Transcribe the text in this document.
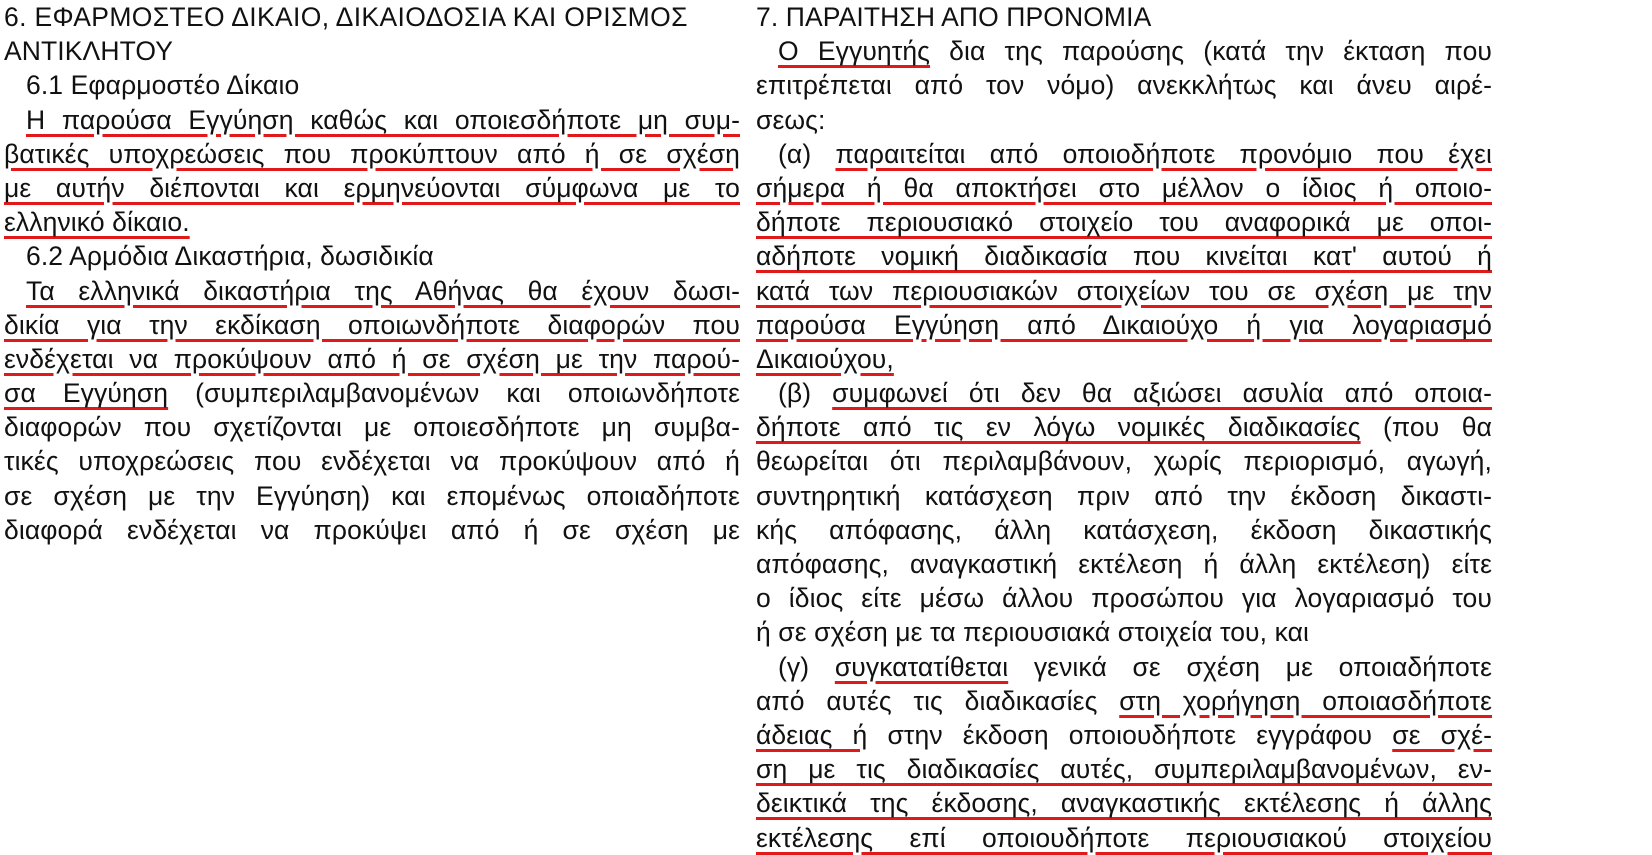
6. ΕΦΑΡΜΟΣΤΕΟ ΔΙΚΑΙΟ, ΔΙΚΑΙΟΔΟΣΙΑ ΚΑΙ ΟΡΙΣΜΟΣ
ΑΝΤΙΚΛΗΤΟΥ
6.1 Εφαρμοστέο Δίκαιο
Η παρούσα Εγγύηση καθώς και οποιεσδήποτε μη συμ-
βατικές υποχρεώσεις που προκύπτουν από ή σε σχέση
με αυτήν διέπονται και ερμηνεύονται σύμφωνα με το
ελληνικό δίκαιο.
6.2 Αρμόδια Δικαστήρια, δωσιδικία
Τα ελληνικά δικαστήρια της Αθήνας θα έχουν δωσι-
δικία για την εκδίκαση οποιωνδήποτε διαφορών που
ενδέχεται να προκύψουν από ή σε σχέση με την παρού-
σα Εγγύηση (συμπεριλαμβανομένων και οποιωνδήποτε
διαφορών που σχετίζονται με οποιεσδήποτε μη συμβα-
τικές υποχρεώσεις που ενδέχεται να προκύψουν από ή
σε σχέση με την Εγγύηση) και επομένως οποιαδήποτε
διαφορά ενδέχεται να προκύψει από ή σε σχέση με
7. ΠΑΡΑΙΤΗΣΗ ΑΠΟ ΠΡΟΝΟΜΙΑ
Ο Εγγυητής δια της παρούσης (κατά την έκταση που
επιτρέπεται από τον νόμο) ανεκκλήτως και άνευ αιρέ-
σεως:
(α) παραιτείται από οποιοδήποτε προνόμιο που έχει
σήμερα ή θα αποκτήσει στο μέλλον ο ίδιος ή οποιο-
δήποτε περιουσιακό στοιχείο του αναφορικά με οποι-
αδήποτε νομική διαδικασία που κινείται κατ' αυτού ή
κατά των περιουσιακών στοιχείων του σε σχέση με την
παρούσα Εγγύηση από Δικαιούχο ή για λογαριασμό
Δικαιούχου,
(β) συμφωνεί ότι δεν θα αξιώσει ασυλία από οποια-
δήποτε από τις εν λόγω νομικές διαδικασίες (που θα
θεωρείται ότι περιλαμβάνουν, χωρίς περιορισμό, αγωγή,
συντηρητική κατάσχεση πριν από την έκδοση δικαστι-
κής απόφασης, άλλη κατάσχεση, έκδοση δικαστικής
απόφασης, αναγκαστική εκτέλεση ή άλλη εκτέλεση) είτε
ο ίδιος είτε μέσω άλλου προσώπου για λογαριασμό του
ή σε σχέση με τα περιουσιακά στοιχεία του, και
(γ) συγκατατίθεται γενικά σε σχέση με οποιαδήποτε
από αυτές τις διαδικασίες στη χορήγηση οποιασδήποτε
άδειας ή στην έκδοση οποιουδήποτε εγγράφου σε σχέ-
ση με τις διαδικασίες αυτές, συμπεριλαμβανομένων, εν-
δεικτικά της έκδοσης, αναγκαστικής εκτέλεσης ή άλλης
εκτέλεσης επί οποιουδήποτε περιουσιακού στοιχείου
